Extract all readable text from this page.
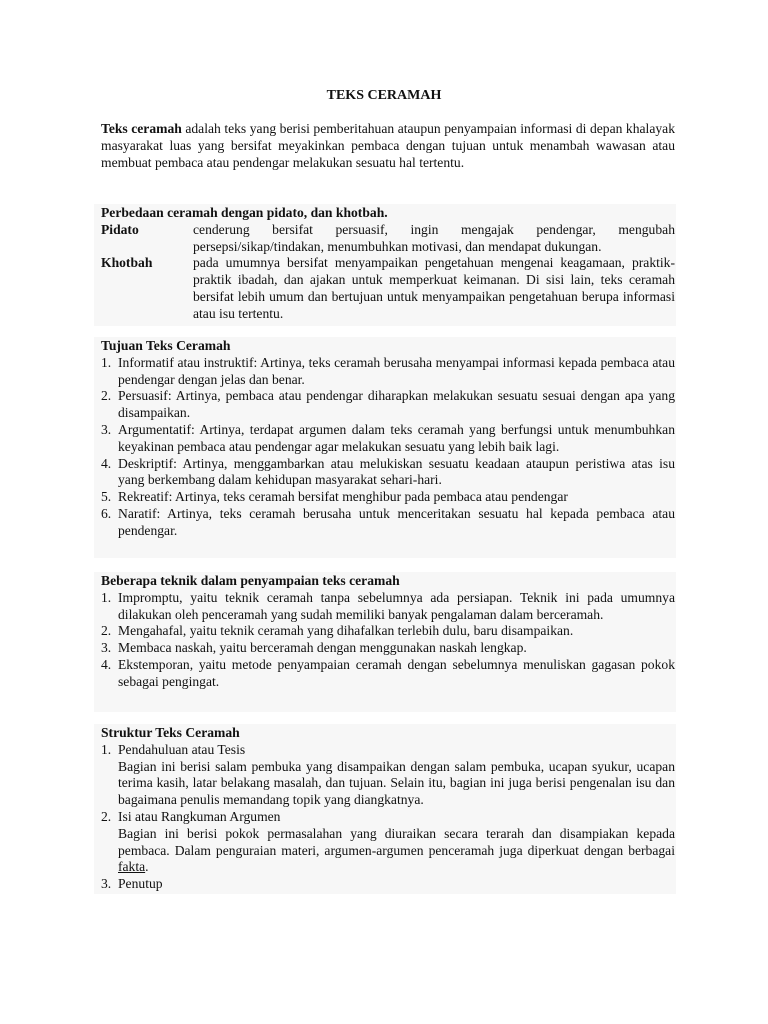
TEKS CERAMAH

Teks ceramah adalah teks yang berisi pemberitahuan ataupun penyampaian informasi di depan khalayak masyarakat luas yang bersifat meyakinkan pembaca dengan tujuan untuk menambah wawasan atau membuat pembaca atau pendengar melakukan sesuatu hal tertentu.

Perbedaan ceramah dengan pidato, dan khotbah.

Pidato	cenderung bersifat persuasif, ingin mengajak pendengar, mengubah persepsi/sikap/tindakan, menumbuhkan motivasi, dan mendapat dukungan.
Khotbah	pada umumnya bersifat menyampaikan pengetahuan mengenai keagamaan, praktik-praktik ibadah, dan ajakan untuk memperkuat keimanan. Di sisi lain, teks ceramah bersifat lebih umum dan bertujuan untuk menyampaikan pengetahuan berupa informasi atau isu tertentu.

Tujuan Teks Ceramah

1. Informatif atau instruktif: Artinya, teks ceramah berusaha menyampai informasi kepada pembaca atau pendengar dengan jelas dan benar.
2. Persuasif: Artinya, pembaca atau pendengar diharapkan melakukan sesuatu sesuai dengan apa yang disampaikan.
3. Argumentatif: Artinya, terdapat argumen dalam teks ceramah yang berfungsi untuk menumbuhkan keyakinan pembaca atau pendengar agar melakukan sesuatu yang lebih baik lagi.
4. Deskriptif: Artinya, menggambarkan atau melukiskan sesuatu keadaan ataupun peristiwa atas isu yang berkembang dalam kehidupan masyarakat sehari-hari.
5. Rekreatif: Artinya, teks ceramah bersifat menghibur pada pembaca atau pendengar
6. Naratif: Artinya, teks ceramah berusaha untuk menceritakan sesuatu hal kepada pembaca atau pendengar.

Beberapa teknik dalam penyampaian teks ceramah

1. Impromptu, yaitu teknik ceramah tanpa sebelumnya ada persiapan. Teknik ini pada umumnya dilakukan oleh penceramah yang sudah memiliki banyak pengalaman dalam berceramah.
2. Mengahafal, yaitu teknik ceramah yang dihafalkan terlebih dulu, baru disampaikan.
3. Membaca naskah, yaitu berceramah dengan menggunakan naskah lengkap.
4. Ekstemporan, yaitu metode penyampaian ceramah dengan sebelumnya menuliskan gagasan pokok sebagai pengingat.

Struktur Teks Ceramah

1. Pendahuluan atau Tesis
Bagian ini berisi salam pembuka yang disampaikan dengan salam pembuka, ucapan syukur, ucapan terima kasih, latar belakang masalah, dan tujuan. Selain itu, bagian ini juga berisi pengenalan isu dan bagaimana penulis memandang topik yang diangkatnya.
2. Isi atau Rangkuman Argumen
Bagian ini berisi pokok permasalahan yang diuraikan secara terarah dan disampiakan kepada pembaca. Dalam penguraian materi, argumen-argumen penceramah juga diperkuat dengan berbagai fakta.
3. Penutup
